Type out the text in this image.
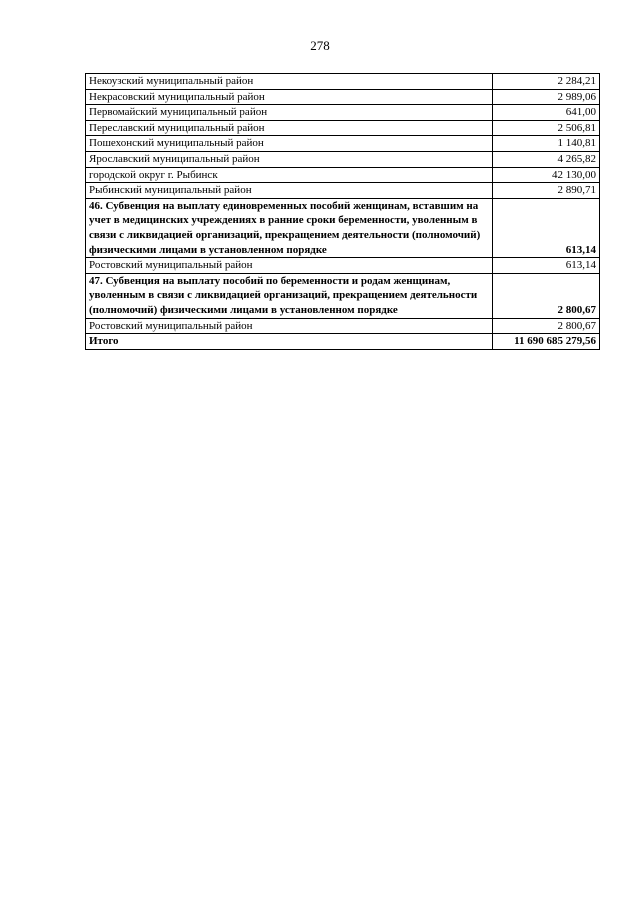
278
Некоузский муниципальный район	2 284,21
Некрасовский муниципальный район	2 989,06
Первомайский муниципальный район	641,00
Переславский муниципальный район	2 506,81
Пошехонский муниципальный район	1 140,81
Ярославский муниципальный район	4 265,82
городской округ г. Рыбинск	42 130,00
Рыбинский муниципальный район	2 890,71
46. Субвенция на выплату единовременных пособий женщинам, вставшим на учет в медицинских учреждениях в ранние сроки беременности, уволенным в связи с ликвидацией организаций, прекращением деятельности (полномочий) физическими лицами в установленном порядке	613,14
Ростовский муниципальный район	613,14
47. Субвенция на выплату пособий по беременности и родам женщинам, уволенным в связи с ликвидацией организаций, прекращением деятельности (полномочий) физическими лицами в установленном порядке	2 800,67
Ростовский муниципальный район	2 800,67
Итого	11 690 685 279,56
